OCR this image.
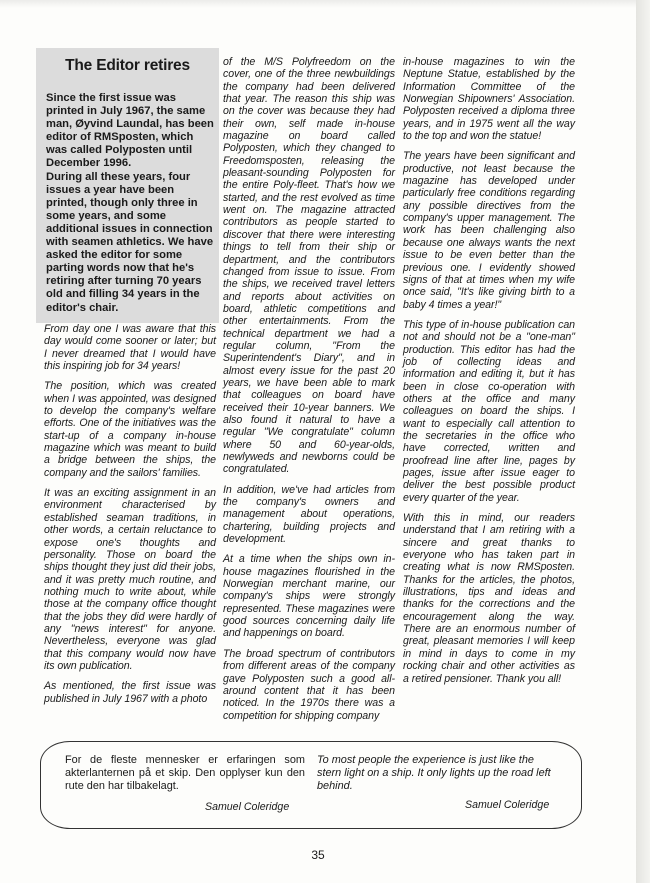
The Editor retires

Since the first issue was printed in July 1967, the same man, Øyvind Laundal, has been editor of RMSposten, which was called Polyposten until December 1996.

During all these years, four issues a year have been printed, though only three in some years, and some additional issues in connection with seamen athletics. We have asked the editor for some parting words now that he's retiring after turning 70 years old and filling 34 years in the editor's chair.

From day one I was aware that this day would come sooner or later; but I never dreamed that I would have this inspiring job for 34 years!

The position, which was created when I was appointed, was designed to develop the company's welfare efforts. One of the initiatives was the start-up of a company in-house magazine which was meant to build a bridge between the ships, the company and the sailors' families.

It was an exciting assignment in an environment characterised by established seaman traditions, in other words, a certain reluctance to expose one's thoughts and personality. Those on board the ships thought they just did their jobs, and it was pretty much routine, and nothing much to write about, while those at the company office thought that the jobs they did were hardly of any "news interest" for anyone. Nevertheless, everyone was glad that this company would now have its own publication.

As mentioned, the first issue was published in July 1967 with a photo

of the M/S Polyfreedom on the cover, one of the three newbuildings the company had been delivered that year. The reason this ship was on the cover was because they had their own, self made in-house magazine on board called Polyposten, which they changed to Freedomsposten, releasing the pleasant-sounding Polyposten for the entire Poly-fleet. That's how we started, and the rest evolved as time went on. The magazine attracted contributors as people started to discover that there were interesting things to tell from their ship or department, and the contributors changed from issue to issue. From the ships, we received travel letters and reports about activities on board, athletic competitions and other entertainments. From the technical department we had a regular column, "From the Superintendent's Diary", and in almost every issue for the past 20 years, we have been able to mark that colleagues on board have received their 10-year banners. We also found it natural to have a regular "We congratulate" column where 50 and 60-year-olds, newlyweds and newborns could be congratulated.

In addition, we've had articles from the company's owners and management about operations, chartering, building projects and development.

At a time when the ships own in-house magazines flourished in the Norwegian merchant marine, our company's ships were strongly represented. These magazines were good sources concerning daily life and happenings on board.

The broad spectrum of contributors from different areas of the company gave Polyposten such a good all-around content that it has been noticed. In the 1970s there was a competition for shipping company

in-house magazines to win the Neptune Statue, established by the Information Committee of the Norwegian Shipowners' Association. Polyposten received a diploma three years, and in 1975 went all the way to the top and won the statue!

The years have been significant and productive, not least because the magazine has developed under particularly free conditions regarding any possible directives from the company's upper management. The work has been challenging also because one always wants the next issue to be even better than the previous one. I evidently showed signs of that at times when my wife once said, "It's like giving birth to a baby 4 times a year!"

This type of in-house publication can not and should not be a "one-man" production. This editor has had the job of collecting ideas and information and editing it, but it has been in close co-operation with others at the office and many colleagues on board the ships. I want to especially call attention to the secretaries in the office who have corrected, written and proofread line after line, pages by pages, issue after issue eager to deliver the best possible product every quarter of the year.

With this in mind, our readers understand that I am retiring with a sincere and great thanks to everyone who has taken part in creating what is now RMSposten. Thanks for the articles, the photos, illustrations, tips and ideas and thanks for the corrections and the encouragement along the way. There are an enormous number of great, pleasant memories I will keep in mind in days to come in my rocking chair and other activities as a retired pensioner. Thank you all!

For de fleste mennesker er erfaringen som akterlanternen på et skip. Den opplyser kun den rute den har tilbakelagt.
To most people the experience is just like the stern light on a ship. It only lights up the road left behind.
Samuel Coleridge	Samuel Coleridge
35
